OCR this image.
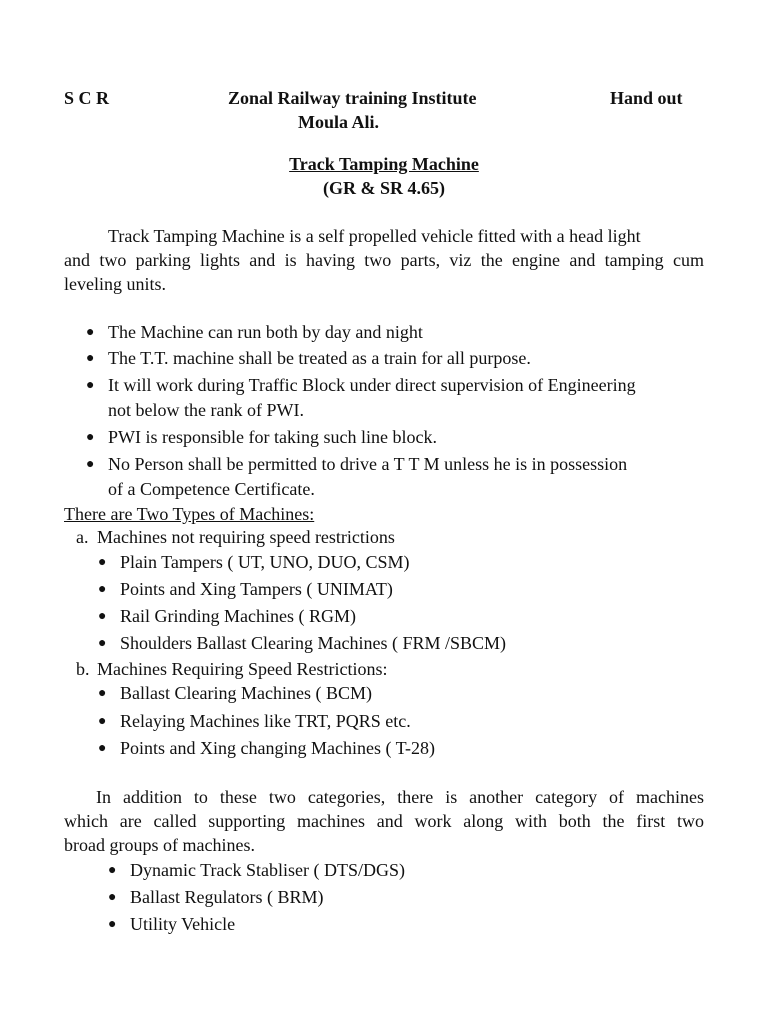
S C R	Zonal Railway training Institute	Hand out
Moula Ali.
Track Tamping Machine
(GR & SR 4.65)
Track Tamping Machine is a self propelled vehicle fitted with a head light
and two parking lights and is having two parts, viz the engine and tamping cum
leveling units.
● The Machine can run both by day and night
● The T.T. machine shall be treated as a train for all purpose.
● It will work during Traffic Block under direct supervision of Engineering
not below the rank of PWI.
● PWI is responsible for taking such line block.
● No Person shall be permitted to drive a T T M unless he is in possession
of a Competence Certificate.
There are Two Types of Machines:
a. Machines not requiring speed restrictions
● Plain Tampers ( UT, UNO, DUO, CSM)
● Points and Xing Tampers ( UNIMAT)
● Rail Grinding Machines ( RGM)
● Shoulders Ballast Clearing Machines ( FRM /SBCM)
b. Machines Requiring Speed Restrictions:
● Ballast Clearing Machines ( BCM)
● Relaying Machines like TRT, PQRS etc.
● Points and Xing changing Machines ( T-28)
In addition to these two categories, there is another category of machines
which are called supporting machines and work along with both the first two
broad groups of machines.
● Dynamic Track Stabliser ( DTS/DGS)
● Ballast Regulators ( BRM)
● Utility Vehicle
